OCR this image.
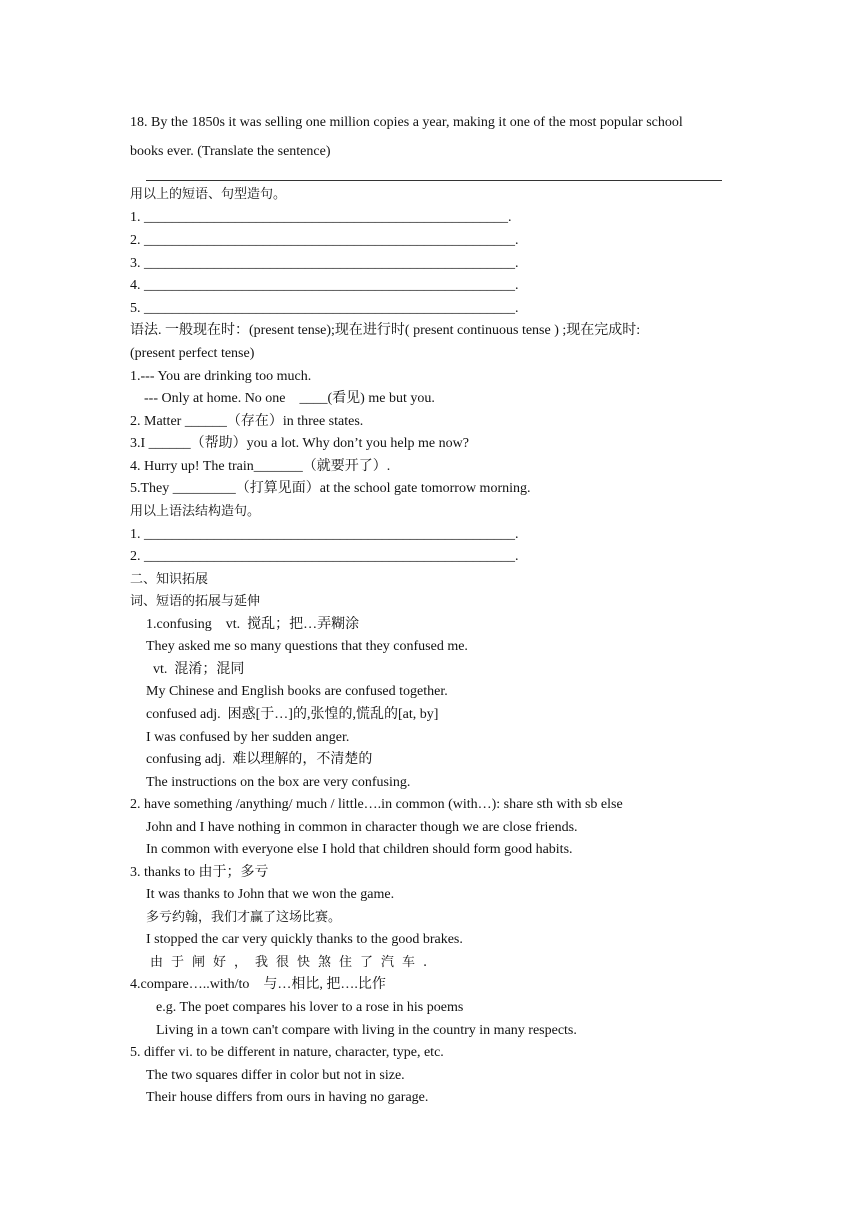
18. By the 1850s it was selling one million copies a year, making it one of the most popular school
books ever. (Translate the sentence)
用以上的短语、句型造句。
1. ____________________________________________________.
2. _____________________________________________________.
3. _____________________________________________________.
4. _____________________________________________________.
5. _____________________________________________________.
语法. 一般现在时：(present tense);现在进行时( present continuous tense ) ;现在完成时:
(present perfect tense)
1.--- You are drinking too much.
--- Only at home. No one    ____(看见) me but you.
2. Matter ______（存在）in three states.
3.I ______（帮助）you a lot. Why don’t you help me now?
4. Hurry up! The train_______（就要开了）.
5.They _________（打算见面）at the school gate tomorrow morning.
用以上语法结构造句。
1. _____________________________________________________.
2. _____________________________________________________.
二、知识拓展
词、短语的拓展与延伸
1.confusing    vt.  搅乱；把…弄糊涂
They asked me so many questions that they confused me.
vt.  混淆；混同
My Chinese and English books are confused together.
confused adj.  困惑[于…]的,张惶的,慌乱的[at, by]
I was confused by her sudden anger.
confusing adj.  难以理解的，不清楚的
The instructions on the box are very confusing.
2. have something /anything/ much / little….in common (with…): share sth with sb else
John and I have nothing in common in character though we are close friends.
In common with everyone else I hold that children should form good habits.
3. thanks to 由于；多亏
It was thanks to John that we won the game.
多亏约翰，我们才赢了这场比赛。
I stopped the car very quickly thanks to the good brakes.
由于闸好，我很快煞住了汽车.
4.compare…..with/to    与…相比, 把….比作
e.g. The poet compares his lover to a rose in his poems
Living in a town can't compare with living in the country in many respects.
5. differ vi. to be different in nature, character, type, etc.
The two squares differ in color but not in size.
Their house differs from ours in having no garage.
